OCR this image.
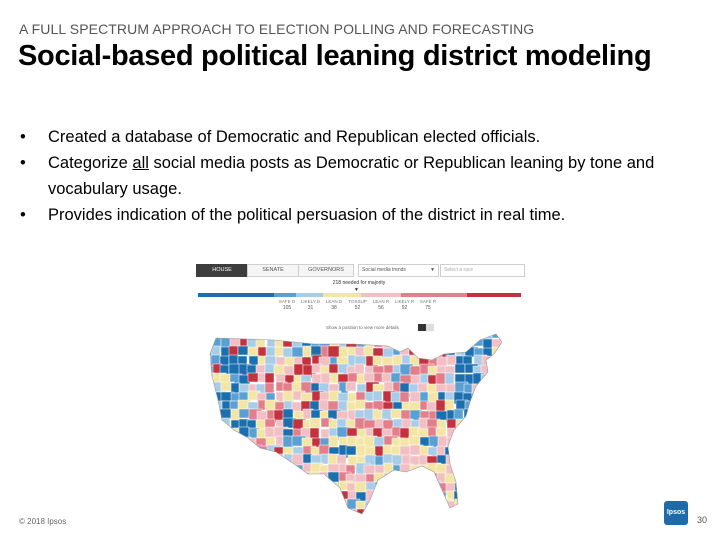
A FULL SPECTRUM APPROACH TO ELECTION POLLING AND FORECASTING
Social-based political leaning district modeling
• Created a database of Democratic and Republican elected officials.
• Categorize all social media posts as Democratic or Republican leaning by tone and vocabulary usage.
• Provides indication of the political persuasion of the district in real time.
HOUSE	SENATE	GOVERNORS	Social media trends	▼	Select a race
218 needed for majority
▼
SAFE D
105
LIKELY D
31
LEAN D
38
TOSSUP
52
LEAN R
56
LIKELY R
92
SAFE R
75
Show a position to view more details
© 2018 Ipsos
Ipsos
30
